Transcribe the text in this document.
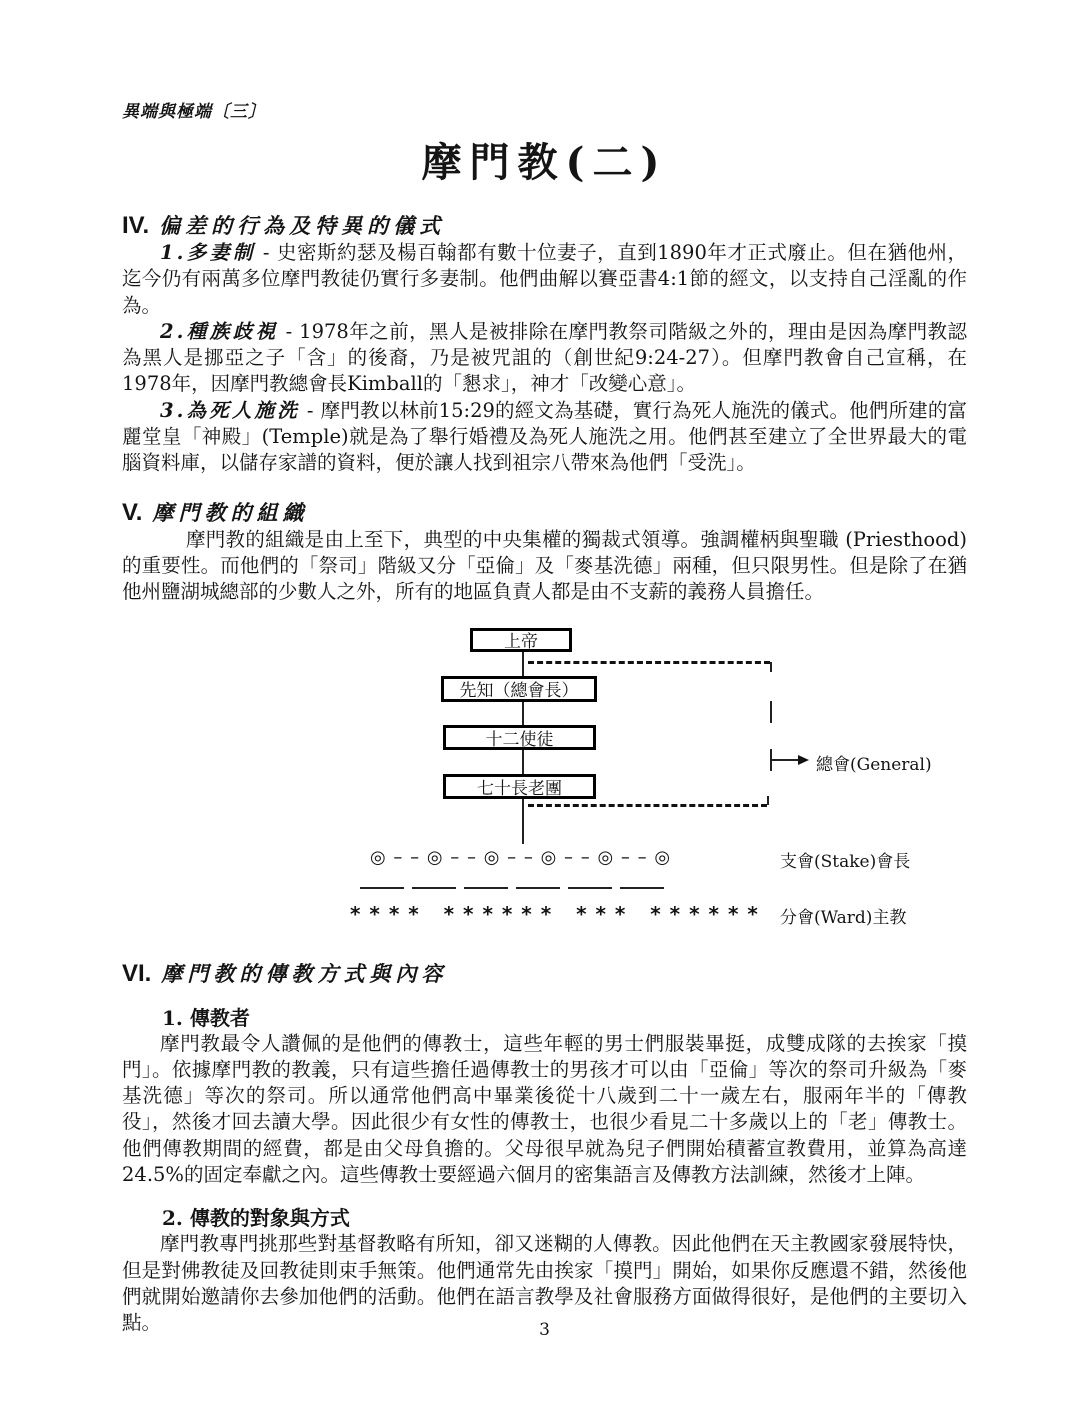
異端與極端〔三〕
摩門教(二)
IV. 偏差的行為及特異的儀式

1.多妻制 - 史密斯約瑟及楊百翰都有數十位妻子，直到1890年才正式廢止。但在猶他州，迄今仍有兩萬多位摩門教徒仍實行多妻制。他們曲解以賽亞書4:1節的經文，以支持自己淫亂的作為。

2.種族歧視 - 1978年之前，黑人是被排除在摩門教祭司階級之外的，理由是因為摩門教認為黑人是挪亞之子「含」的後裔，乃是被咒詛的（創世紀9:24-27）。但摩門教會自己宣稱，在1978年，因摩門教總會長Kimball的「懇求」，神才「改變心意」。

3.為死人施洗 - 摩門教以林前15:29的經文為基礎，實行為死人施洗的儀式。他們所建的富麗堂皇「神殿」(Temple)就是為了舉行婚禮及為死人施洗之用。他們甚至建立了全世界最大的電腦資料庫，以儲存家譜的資料，便於讓人找到祖宗八帶來為他們「受洗」。

V. 摩門教的組織

摩門教的組織是由上至下，典型的中央集權的獨裁式領導。強調權柄與聖職 (Priesthood) 的重要性。而他們的「祭司」階級又分「亞倫」及「麥基洗德」兩種，但只限男性。但是除了在猶他州鹽湖城總部的少數人之外，所有的地區負責人都是由不支薪的義務人員擔任。

上帝
先知（總會長）
十二使徒
七十長老團
總會(General)
◎ – – ◎ – – ◎ – – ◎ – – ◎ – – ◎	支會(Stake)會長
* * * *   * * * * * *   * * *   * * * * * * 分會(Ward)主教
VI. 摩門教的傳教方式與內容
1. 傳教者

摩門教最令人讚佩的是他們的傳教士，這些年輕的男士們服裝畢挺，成雙成隊的去挨家「摸門」。依據摩門教的教義，只有這些擔任過傳教士的男孩才可以由「亞倫」等次的祭司升級為「麥基洗德」等次的祭司。所以通常他們高中畢業後從十八歲到二十一歲左右，服兩年半的「傳教役」，然後才回去讀大學。因此很少有女性的傳教士，也很少看見二十多歲以上的「老」傳教士。他們傳教期間的經費，都是由父母負擔的。父母很早就為兒子們開始積蓄宣教費用，並算為高達24.5%的固定奉獻之內。這些傳教士要經過六個月的密集語言及傳教方法訓練，然後才上陣。

2. 傳教的對象與方式

摩門教專門挑那些對基督教略有所知，卻又迷糊的人傳教。因此他們在天主教國家發展特快，但是對佛教徒及回教徒則束手無策。他們通常先由挨家「摸門」開始，如果你反應還不錯，然後他們就開始邀請你去參加他們的活動。他們在語言教學及社會服務方面做得很好，是他們的主要切入點。	3
